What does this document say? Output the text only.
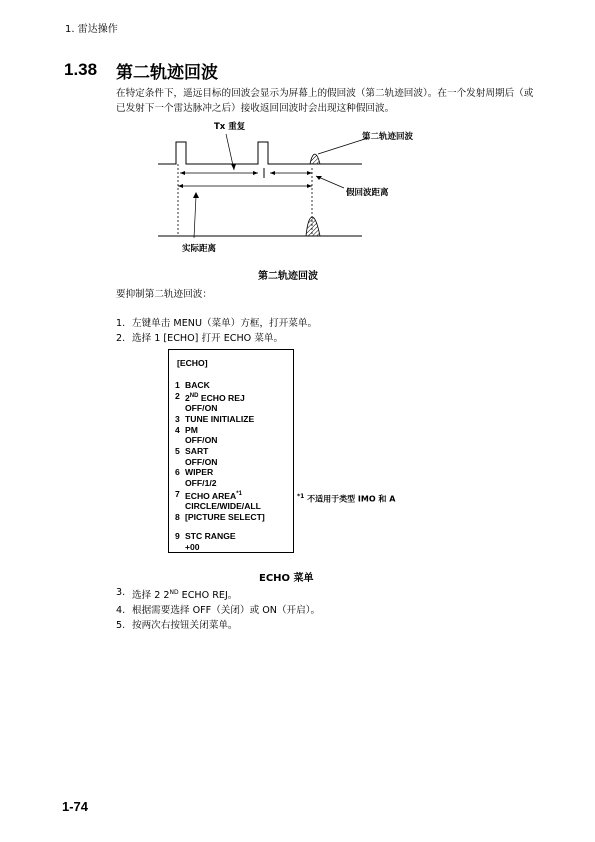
1. 雷达操作
1.38 第二轨迹回波
在特定条件下，遥远目标的回波会显示为屏幕上的假回波（第二轨迹回波）。在一个发射周期后（或已发射下一个雷达脉冲之后）接收返回回波时会出现这种假回波。
Tx 重复
第二轨迹回波
假回波距离
实际距离
第二轨迹回波
要抑制第二轨迹回波：
1. 左键单击 MENU（菜单）方框，打开菜单。
2. 选择 1 [ECHO] 打开 ECHO 菜单。
[ECHO]
1 BACK
2 2ND ECHO REJ
OFF/ON
3 TUNE INITIALIZE
4 PM
OFF/ON
5 SART
OFF/ON
6 WIPER
OFF/1/2
7 ECHO AREA$^{*1}$
CIRCLE/WIDE/ALL
8 [PICTURE SELECT]
9 STC RANGE
+00
$^{*1}$ 不适用于类型 IMO 和 A
ECHO 菜单
3. 选择 2 2ND ECHO REJ。
4. 根据需要选择 OFF（关闭）或 ON（开启）。
5. 按两次右按钮关闭菜单。
1-74
